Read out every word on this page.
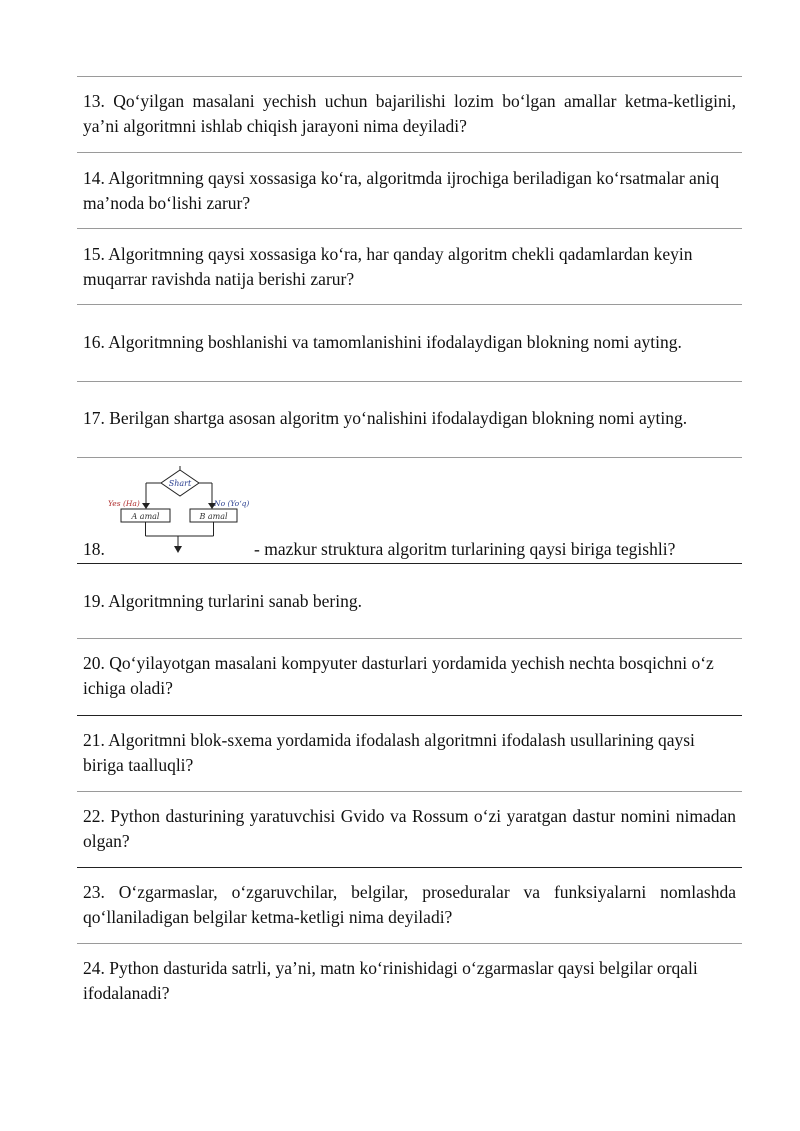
13. Qo‘yilgan masalani yechish uchun bajarilishi lozim bo‘lgan amallar ketma-ketligini, ya’ni algoritmni ishlab chiqish jarayoni nima deyiladi?
14. Algoritmning qaysi xossasiga ko‘ra, algoritmda ijrochiga beriladigan ko‘rsatmalar aniq ma’noda bo‘lishi zarur?
15. Algoritmning qaysi xossasiga ko‘ra, har qanday algoritm chekli qadamlardan keyin muqarrar ravishda natija berishi zarur?
16. Algoritmning boshlanishi va tamomlanishini ifodalaydigan blokning nomi ayting.
17. Berilgan shartga asosan algoritm yo‘nalishini ifodalaydigan blokning nomi ayting.
Shart
Yes (Ha)	No (Yo‘q)
A amal	B amal
18.	- mazkur struktura algoritm turlarining qaysi biriga tegishli?
19. Algoritmning turlarini sanab bering.
20. Qo‘yilayotgan masalani kompyuter dasturlari yordamida yechish nechta bosqichni o‘z ichiga oladi?
21. Algoritmni blok-sxema yordamida ifodalash algoritmni ifodalash usullarining qaysi biriga taalluqli?
22. Python dasturining yaratuvchisi Gvido va Rossum o‘zi yaratgan dastur nomini nimadan olgan?
23. O‘zgarmaslar, o‘zgaruvchilar, belgilar, proseduralar va funksiyalarni nomlashda qo‘llaniladigan belgilar ketma-ketligi nima deyiladi?
24. Python dasturida satrli, ya’ni, matn ko‘rinishidagi o‘zgarmaslar qaysi belgilar orqali ifodalanadi?
